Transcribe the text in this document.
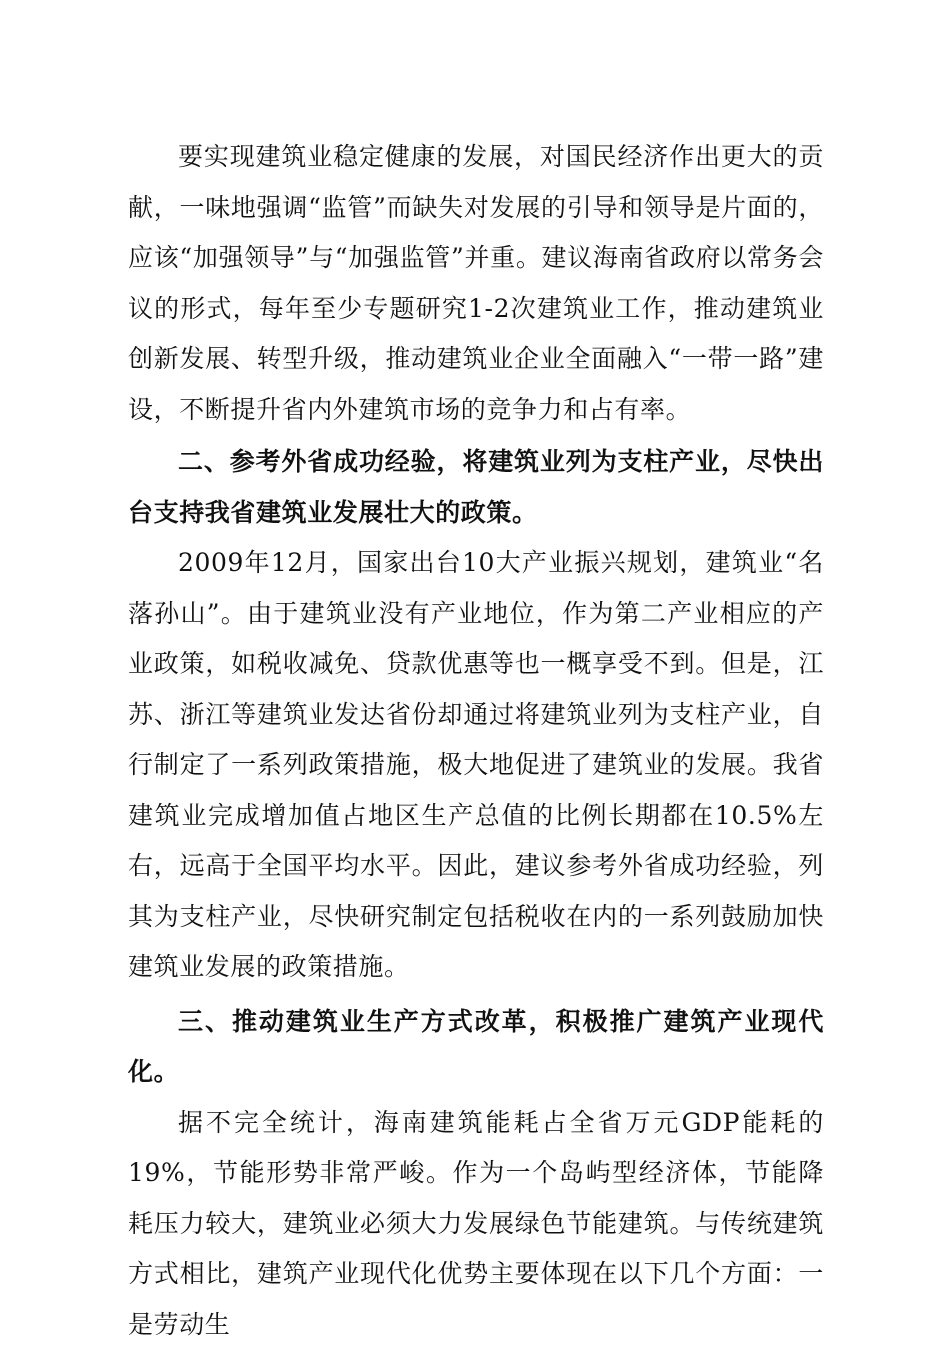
要实现建筑业稳定健康的发展，对国民经济作出更大的贡献，一味地强调“监管”而缺失对发展的引导和领导是片面的，应该“加强领导”与“加强监管”并重。建议海南省政府以常务会议的形式，每年至少专题研究1-2次建筑业工作，推动建筑业创新发展、转型升级，推动建筑业企业全面融入“一带一路”建设，不断提升省内外建筑市场的竞争力和占有率。

二、参考外省成功经验，将建筑业列为支柱产业，尽快出台支持我省建筑业发展壮大的政策。

2009年12月，国家出台10大产业振兴规划，建筑业“名落孙山”。由于建筑业没有产业地位，作为第二产业相应的产业政策，如税收减免、贷款优惠等也一概享受不到。但是，江苏、浙江等建筑业发达省份却通过将建筑业列为支柱产业，自行制定了一系列政策措施，极大地促进了建筑业的发展。我省建筑业完成增加值占地区生产总值的比例长期都在10.5%左右，远高于全国平均水平。因此，建议参考外省成功经验，列其为支柱产业，尽快研究制定包括税收在内的一系列鼓励加快建筑业发展的政策措施。

三、推动建筑业生产方式改革，积极推广建筑产业现代化。

据不完全统计，海南建筑能耗占全省万元GDP能耗的19%，节能形势非常严峻。作为一个岛屿型经济体，节能降耗压力较大，建筑业必须大力发展绿色节能建筑。与传统建筑方式相比，建筑产业现代化优势主要体现在以下几个方面：一是劳动生
